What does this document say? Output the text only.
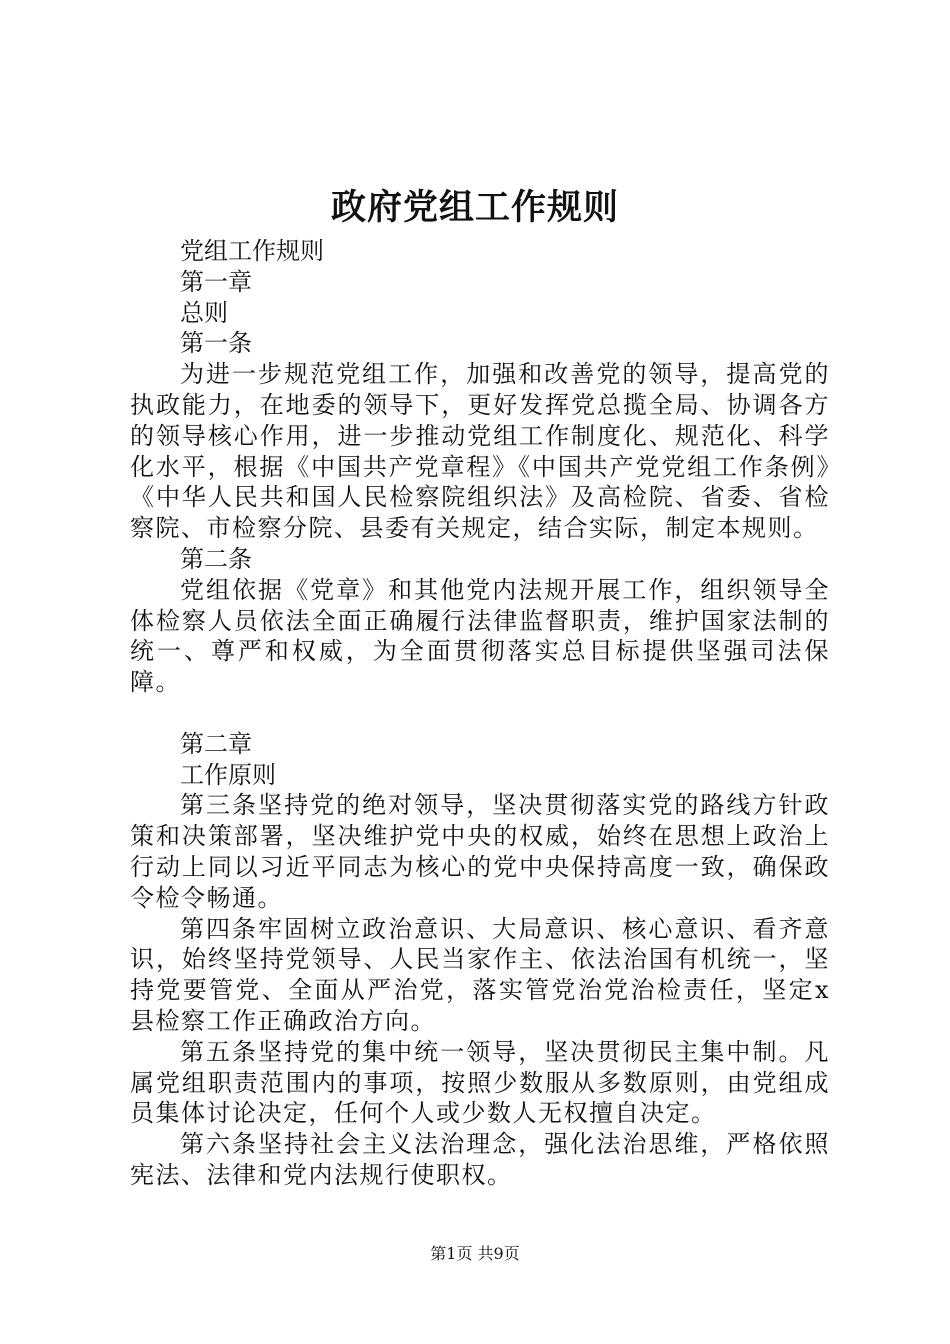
政府党组工作规则
党组工作规则
第一章
总则
第一条

为进一步规范党组工作，加强和改善党的领导，提高党的执政能力，在地委的领导下，更好发挥党总揽全局、协调各方的领导核心作用，进一步推动党组工作制度化、规范化、科学化水平，根据《中国共产党章程》《中国共产党党组工作条例》《中华人民共和国人民检察院组织法》及高检院、省委、省检察院、市检察分院、县委有关规定，结合实际，制定本规则。

第二条

党组依据《党章》和其他党内法规开展工作，组织领导全体检察人员依法全面正确履行法律监督职责，维护国家法制的统一、尊严和权威，为全面贯彻落实总目标提供坚强司法保障。

第二章
工作原则

第三条坚持党的绝对领导，坚决贯彻落实党的路线方针政策和决策部署，坚决维护党中央的权威，始终在思想上政治上行动上同以习近平同志为核心的党中央保持高度一致，确保政令检令畅通。

第四条牢固树立政治意识、大局意识、核心意识、看齐意识，始终坚持党领导、人民当家作主、依法治国有机统一，坚持党要管党、全面从严治党，落实管党治党治检责任，坚定x县检察工作正确政治方向。

第五条坚持党的集中统一领导，坚决贯彻民主集中制。凡属党组职责范围内的事项，按照少数服从多数原则，由党组成员集体讨论决定，任何个人或少数人无权擅自决定。

第六条坚持社会主义法治理念，强化法治思维，严格依照宪法、法律和党内法规行使职权。

第1页 共9页
